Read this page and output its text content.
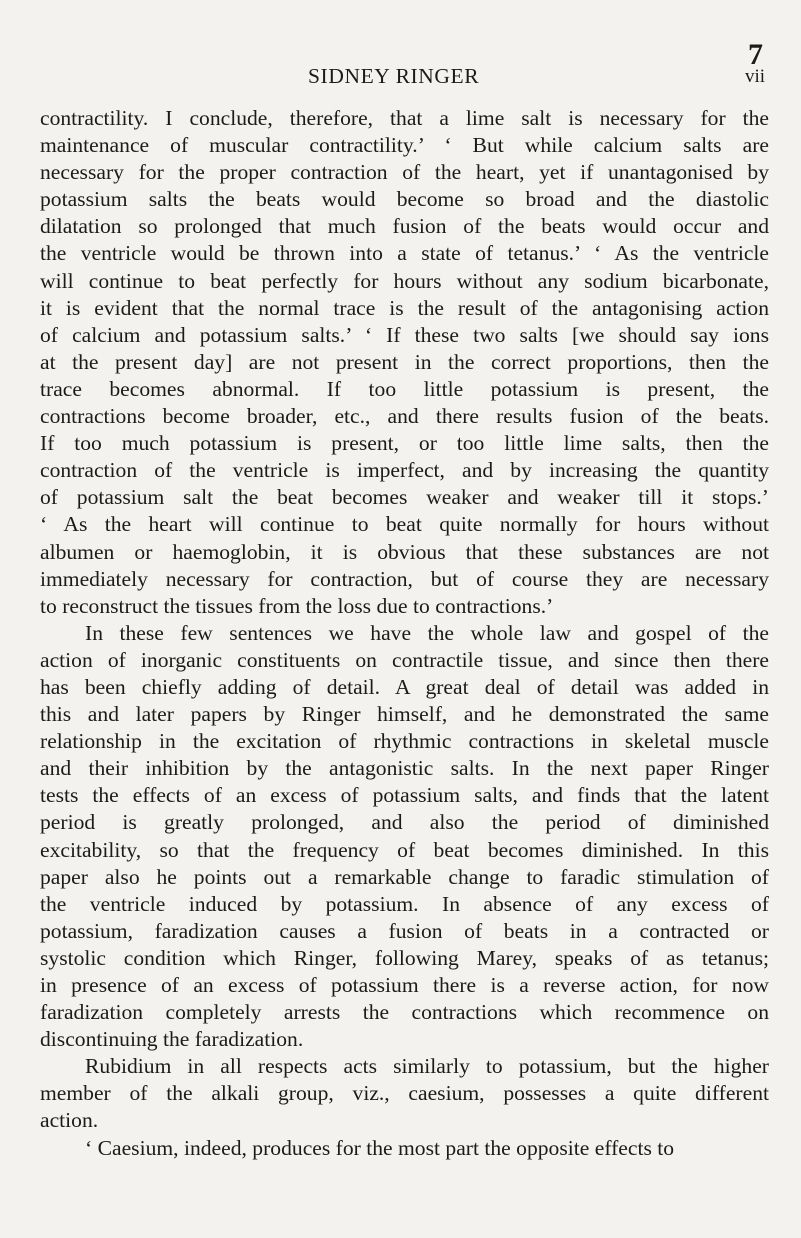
7
SIDNEY RINGER	vii
contractility. I conclude, therefore, that a lime salt is necessary for the
maintenance of muscular contractility.’ ‘ But while calcium salts are
necessary for the proper contraction of the heart, yet if unantagonised by
potassium salts the beats would become so broad and the diastolic
dilatation so prolonged that much fusion of the beats would occur and
the ventricle would be thrown into a state of tetanus.’ ‘ As the ventricle
will continue to beat perfectly for hours without any sodium bicarbonate,
it is evident that the normal trace is the result of the antagonising action
of calcium and potassium salts.’ ‘ If these two salts [we should say ions
at the present day] are not present in the correct proportions, then the
trace becomes abnormal. If too little potassium is present, the
contractions become broader, etc., and there results fusion of the beats.
If too much potassium is present, or too little lime salts, then the
contraction of the ventricle is imperfect, and by increasing the quantity
of potassium salt the beat becomes weaker and weaker till it stops.’
‘ As the heart will continue to beat quite normally for hours without
albumen or haemoglobin, it is obvious that these substances are not
immediately necessary for contraction, but of course they are necessary
to reconstruct the tissues from the loss due to contractions.’
In these few sentences we have the whole law and gospel of the
action of inorganic constituents on contractile tissue, and since then there
has been chiefly adding of detail. A great deal of detail was added in
this and later papers by Ringer himself, and he demonstrated the same
relationship in the excitation of rhythmic contractions in skeletal muscle
and their inhibition by the antagonistic salts. In the next paper Ringer
tests the effects of an excess of potassium salts, and finds that the latent
period is greatly prolonged, and also the period of diminished
excitability, so that the frequency of beat becomes diminished. In this
paper also he points out a remarkable change to faradic stimulation of
the ventricle induced by potassium. In absence of any excess of
potassium, faradization causes a fusion of beats in a contracted or
systolic condition which Ringer, following Marey, speaks of as tetanus;
in presence of an excess of potassium there is a reverse action, for now
faradization completely arrests the contractions which recommence on
discontinuing the faradization.
Rubidium in all respects acts similarly to potassium, but the higher
member of the alkali group, viz., caesium, possesses a quite different
action.
‘ Caesium, indeed, produces for the most part the opposite effects to
